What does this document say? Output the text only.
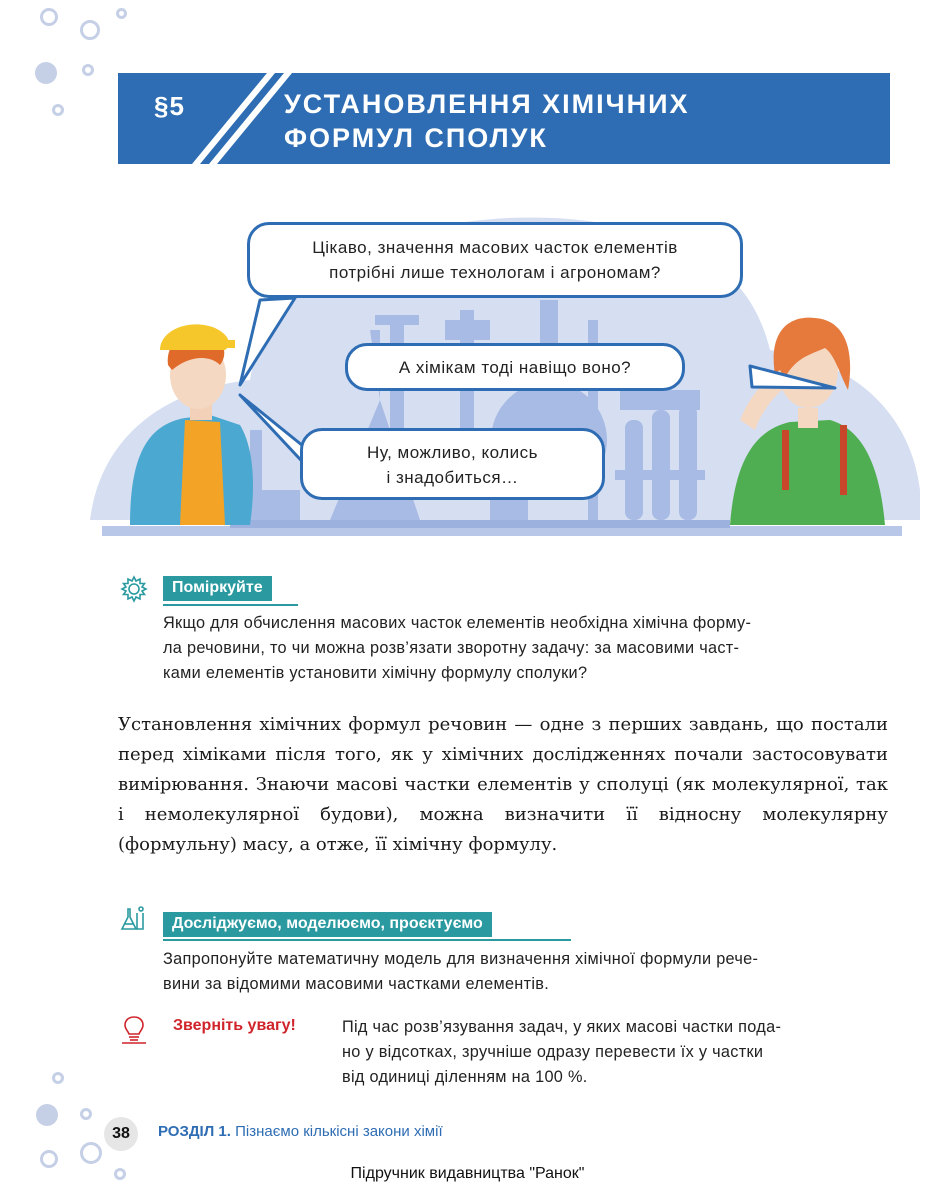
§5	УСТАНОВЛЕННЯ ХІМІЧНИХ
ФОРМУЛ СПОЛУК
Цікаво, значення масових часток елементів
потрібні лише технологам і агрономам?
А хімікам тоді навіщо воно?
Ну, можливо, колись
і знадобиться…
Поміркуйте
Якщо для обчислення масових часток елементів необхідна хімічна форму-
ла речовини, то чи можна розв’язати зворотну задачу: за масовими част-
ками елементів установити хімічну формулу сполуки?
Установлення хімічних формул речовин — одне з перших завдань, що постали перед хіміками після того, як у хімічних дослідженнях почали застосовувати вимірювання. Знаючи масові частки елементів у сполуці (як молекулярної, так і немолекулярної будови), можна визначити її відносну молекулярну (формульну) масу, а отже, її хімічну формулу.
Досліджуємо, моделюємо, проєктуємо
Запропонуйте математичну модель для визначення хімічної формули рече-
вини за відомими масовими частками елементів.
Зверніть увагу!	Під час розв’язування задач, у яких масові частки пода-
но у відсотках, зручніше одразу перевести їх у частки
від одиниці діленням на 100 %.
38	РОЗДІЛ 1. Пізнаємо кількісні закони хімії
Підручник видавництва "Ранок"
